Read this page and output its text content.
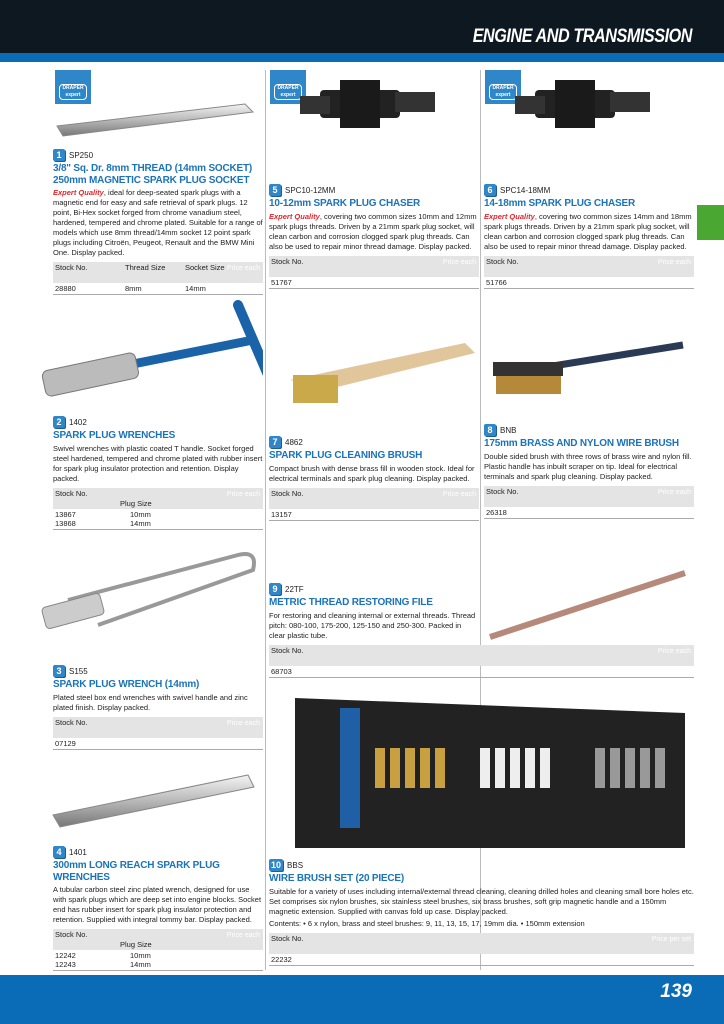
ENGINE AND TRANSMISSION
DRAPER
expert
DRAPER
expert
DRAPER
expert
1 SP250
3/8" Sq. Dr. 8mm THREAD (14mm SOCKET) 250mm MAGNETIC SPARK PLUG SOCKET
Expert Quality, ideal for deep-seated spark plugs with a magnetic end for easy and safe retrieval of spark plugs. 12 point, Bi-Hex socket forged from chrome vanadium steel, hardened, tempered and chrome plated. Suitable for a range of models which use 8mm thread/14mm socket 12 point spark plugs including Citroën, Peugeot, Renault and the BMW Mini One. Display packed.
Stock No.	Thread Size	Socket Size Price each
28880	8mm	14mm
2 1402
SPARK PLUG WRENCHES
Swivel wrenches with plastic coated T handle. Socket forged steel hardened, tempered and chrome plated with rubber insert for spark plug insulator protection and retention. Display packed.
Stock No.
Plug Size
Price each
13867	10mm
13868	14mm
3 S155
SPARK PLUG WRENCH (14mm)
Plated steel box end wrenches with swivel handle and zinc plated finish. Display packed.
Stock No.	Price each
07129
4 1401
300mm LONG REACH SPARK PLUG WRENCHES
A tubular carbon steel zinc plated wrench, designed for use with spark plugs which are deep set into engine blocks. Socket end has rubber insert for spark plug insulator protection and retention. Supplied with integral tommy bar. Display packed.
Stock No.
Plug Size
Price each
12242	10mm
12243	14mm
5 SPC10-12MM
10-12mm SPARK PLUG CHASER
Expert Quality, covering two common sizes 10mm and 12mm spark plugs threads. Driven by a 21mm spark plug socket, will clean carbon and corrosion clogged spark plug threads. Can also be used to repair minor thread damage. Display packed.
Stock No.	Price each
51767
6 SPC14-18MM
14-18mm SPARK PLUG CHASER
Expert Quality, covering two common sizes 14mm and 18mm spark plugs threads. Driven by a 21mm spark plug socket, will clean carbon and corrosion clogged spark plug threads. Can also be used to repair minor thread damage. Display packed.
Stock No.	Price each
51766
7 4862
SPARK PLUG CLEANING BRUSH
Compact brush with dense brass fill in wooden stock. Ideal for electrical terminals and spark plug cleaning. Display packed.
Stock No.	Price each
13157
8 BNB
175mm BRASS AND NYLON WIRE BRUSH
Double sided brush with three rows of brass wire and nylon fill. Plastic handle has inbuilt scraper on tip. Ideal for electrical terminals and spark plug cleaning. Display packed.
Stock No.	Price each
26318
9 22TF
METRIC THREAD RESTORING FILE
For restoring and cleaning internal or external threads. Thread pitch: 080-100, 175-200, 125-150 and 250-300. Packed in clear plastic tube.
Stock No.	Price each
68703
10 BBS
WIRE BRUSH SET (20 PIECE)
Suitable for a variety of uses including internal/external thread cleaning, cleaning drilled holes and cleaning small bore holes etc. Set comprises six nylon brushes, six stainless steel brushes, six brass brushes, soft grip magnetic handle and a 150mm magnetic extension. Supplied with canvas fold up case. Display packed.
Contents: • 6 x nylon, brass and steel brushes: 9, 11, 13, 15, 17, 19mm dia. • 150mm extension
Stock No.	Price per set
22232
139
